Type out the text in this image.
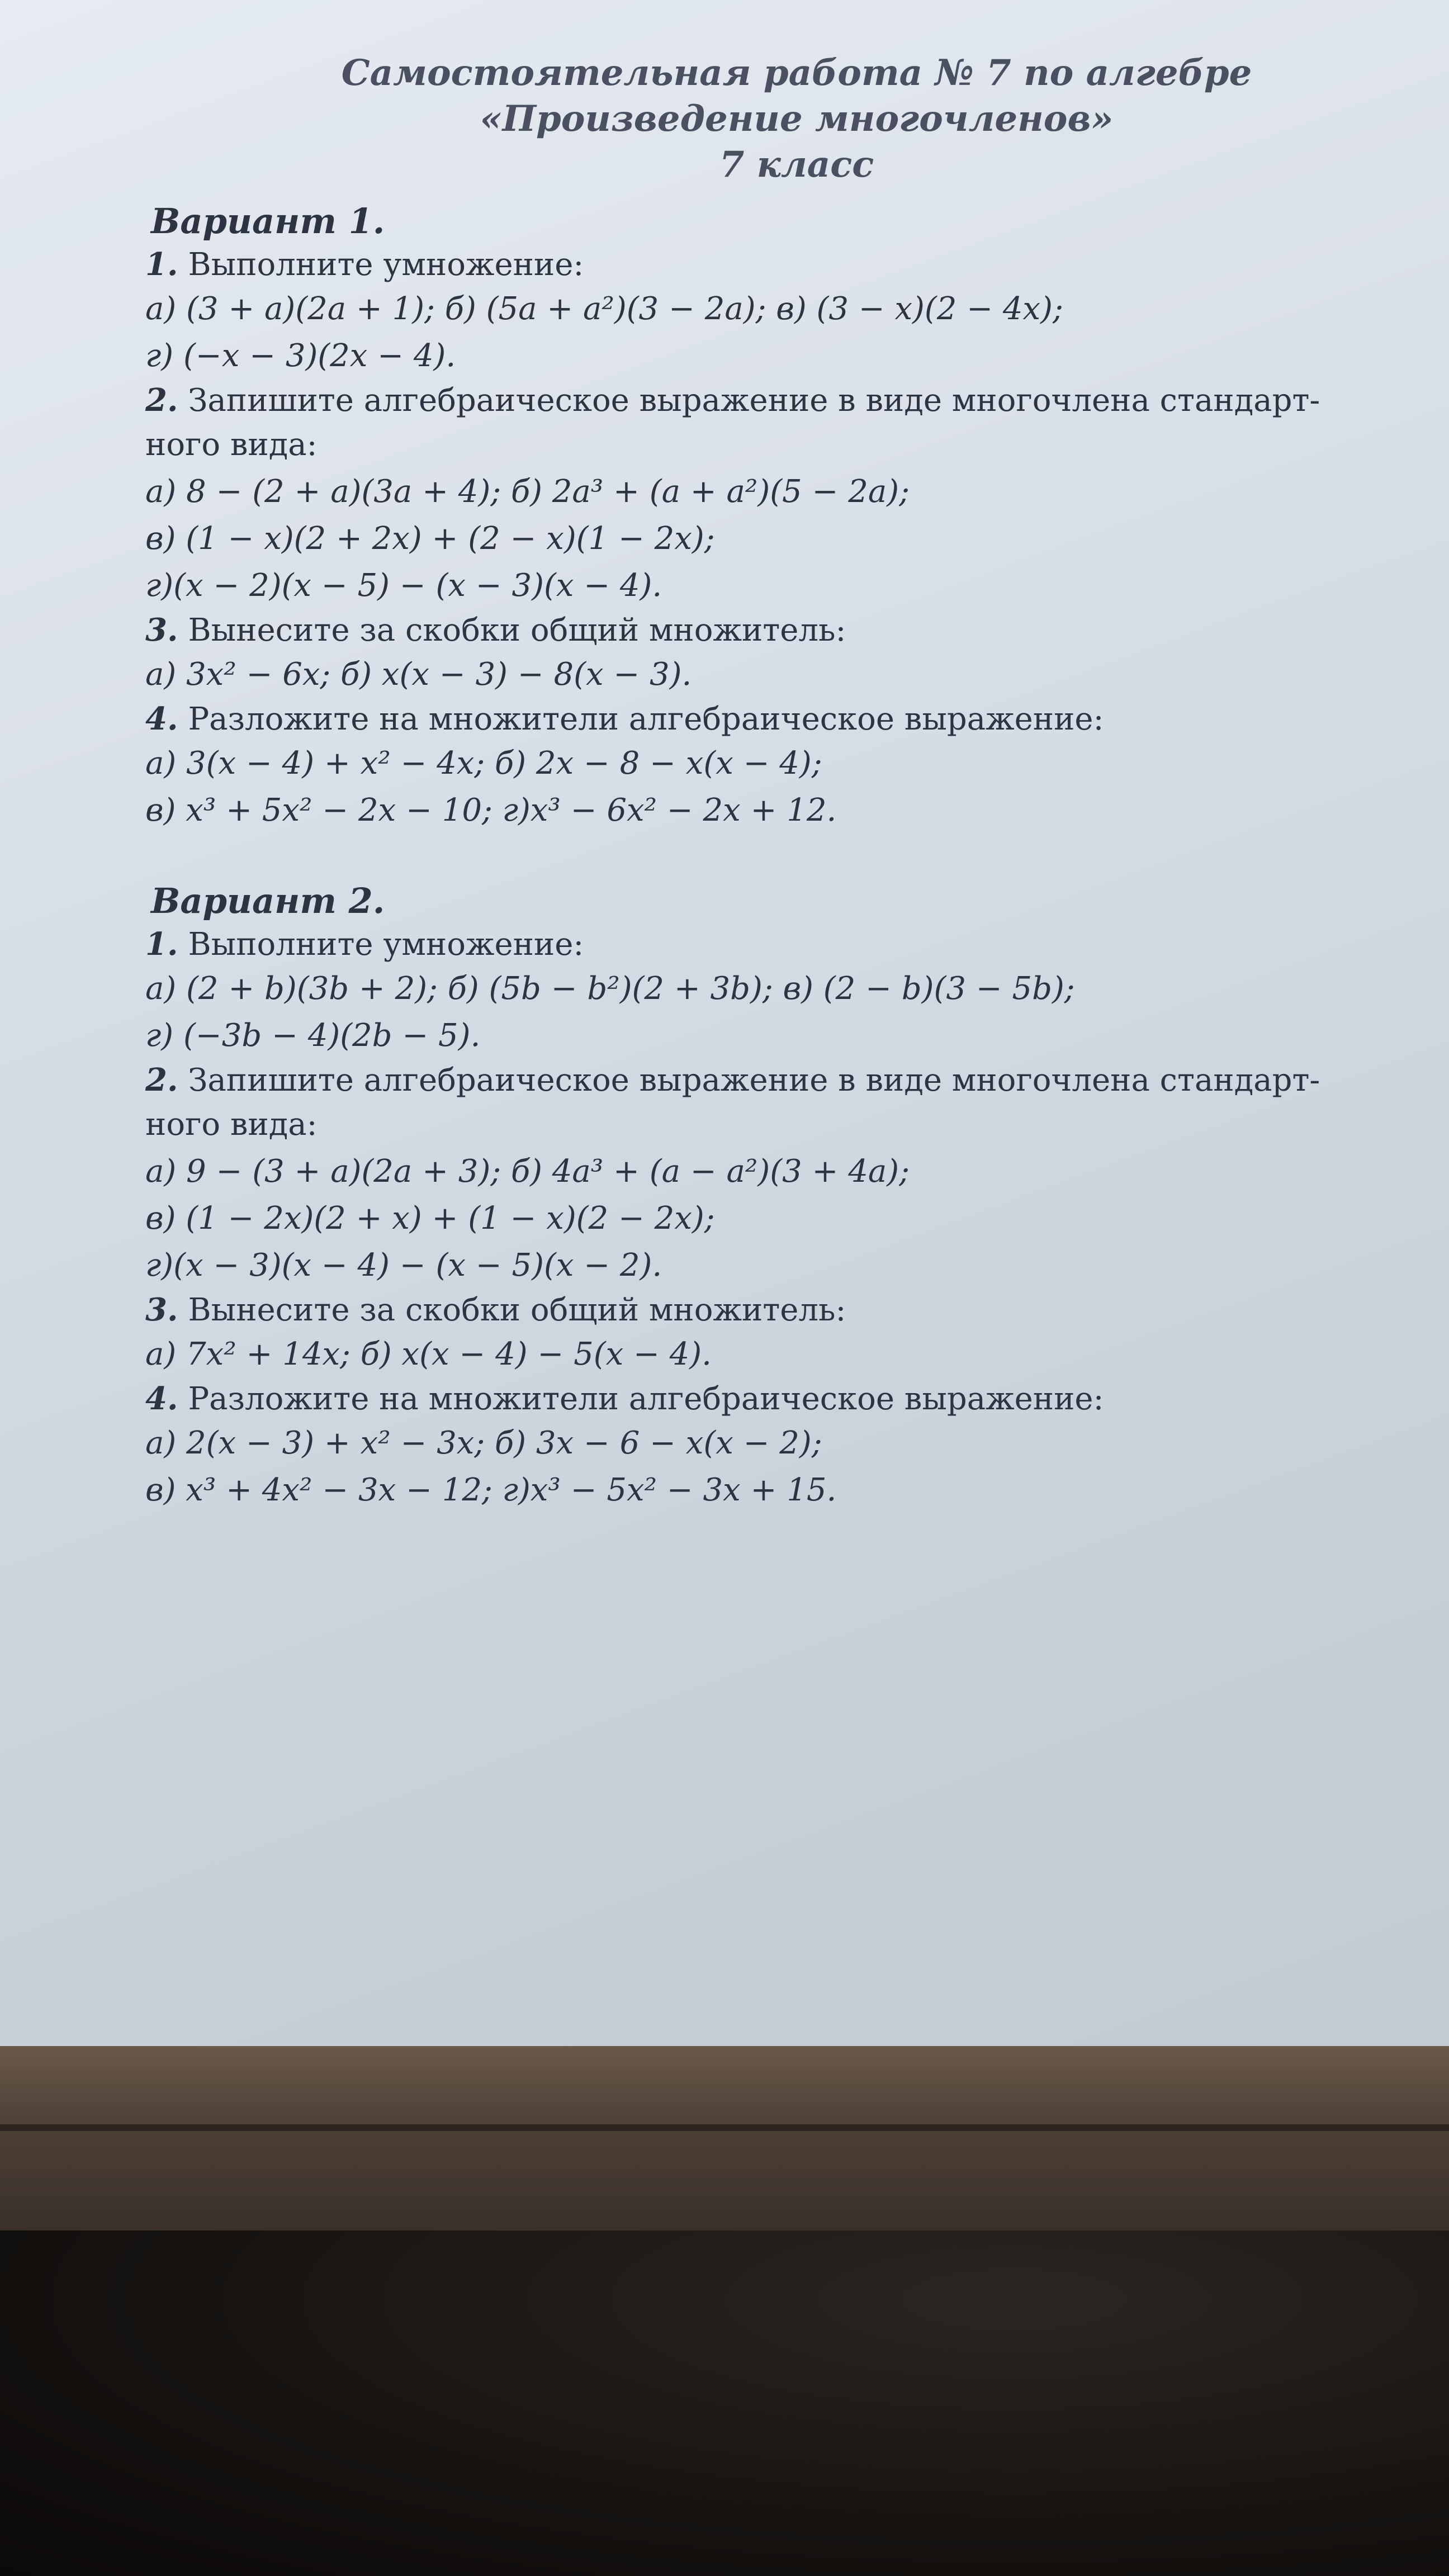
Самостоятельная работа № 7 по алгебре
«Произведение многочленов»
7 класс
Вариант 1.
1. Выполните умножение:
а) (3 + a)(2a + 1); б) (5a + a²)(3 − 2a); в) (3 − x)(2 − 4x);
г) (−x − 3)(2x − 4).
2. Запишите алгебраическое выражение в виде многочлена стандарт-
ного вида:
а) 8 − (2 + a)(3a + 4); б) 2a³ + (a + a²)(5 − 2a);
в) (1 − x)(2 + 2x) + (2 − x)(1 − 2x);
г)(x − 2)(x − 5) − (x − 3)(x − 4).
3. Вынесите за скобки общий множитель:
а) 3x² − 6x; б) x(x − 3) − 8(x − 3).
4. Разложите на множители алгебраическое выражение:
а) 3(x − 4) + x² − 4x; б) 2x − 8 − x(x − 4);
в) x³ + 5x² − 2x − 10; г)x³ − 6x² − 2x + 12.
Вариант 2.
1. Выполните умножение:
а) (2 + b)(3b + 2); б) (5b − b²)(2 + 3b); в) (2 − b)(3 − 5b);
г) (−3b − 4)(2b − 5).
2. Запишите алгебраическое выражение в виде многочлена стандарт-
ного вида:
а) 9 − (3 + a)(2a + 3); б) 4a³ + (a − a²)(3 + 4a);
в) (1 − 2x)(2 + x) + (1 − x)(2 − 2x);
г)(x − 3)(x − 4) − (x − 5)(x − 2).
3. Вынесите за скобки общий множитель:
а) 7x² + 14x; б) x(x − 4) − 5(x − 4).
4. Разложите на множители алгебраическое выражение:
а) 2(x − 3) + x² − 3x; б) 3x − 6 − x(x − 2);
в) x³ + 4x² − 3x − 12; г)x³ − 5x² − 3x + 15.
